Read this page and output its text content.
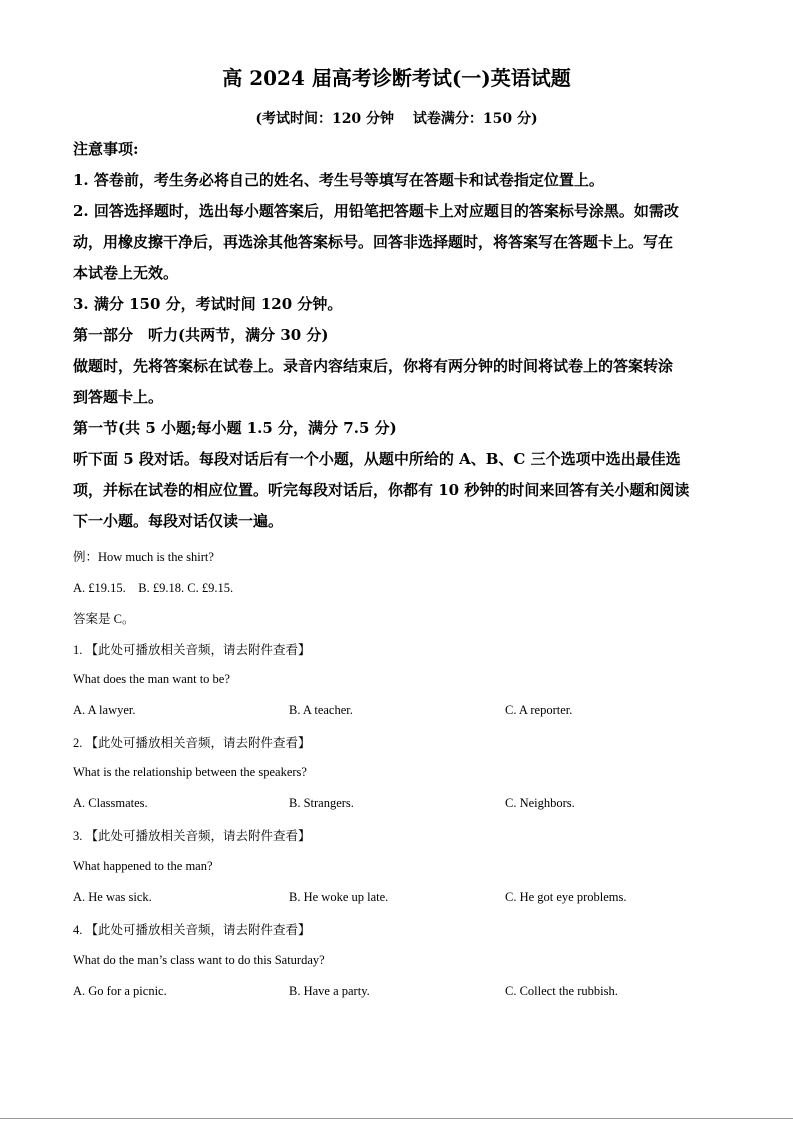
高 2024 届高考诊断考试(一)英语试题
(考试时间：120 分钟　 试卷满分：150 分)
注意事项:
1. 答卷前，考生务必将自己的姓名、考生号等填写在答题卡和试卷指定位置上。
2. 回答选择题时，选出每小题答案后，用铅笔把答题卡上对应题目的答案标号涂黑。如需改
动，用橡皮擦干净后，再选涂其他答案标号。回答非选择题时，将答案写在答题卡上。写在
本试卷上无效。
3. 满分 150 分，考试时间 120 分钟。
第一部分　听力(共两节，满分 30 分)
做题时，先将答案标在试卷上。录音内容结束后，你将有两分钟的时间将试卷上的答案转涂
到答题卡上。
第一节(共 5 小题;每小题 1.5 分，满分 7.5 分)
听下面 5 段对话。每段对话后有一个小题，从题中所给的 A、B、C 三个选项中选出最佳选
项，并标在试卷的相应位置。听完每段对话后，你都有 10 秒钟的时间来回答有关小题和阅读
下一小题。每段对话仅读一遍。
例：How much is the shirt?
A. £19.15.　B. £9.18. C. £9.15.
答案是 C。
1. 【此处可播放相关音频，请去附件查看】
What does the man want to be?
A. A lawyer.	B. A teacher.	C. A reporter.
2. 【此处可播放相关音频，请去附件查看】
What is the relationship between the speakers?
A. Classmates.	B. Strangers.	C. Neighbors.
3. 【此处可播放相关音频，请去附件查看】
What happened to the man?
A. He was sick.	B. He woke up late.	C. He got eye problems.
4. 【此处可播放相关音频，请去附件查看】
What do the man’s class want to do this Saturday?
A. Go for a picnic.	B. Have a party.	C. Collect the rubbish.
